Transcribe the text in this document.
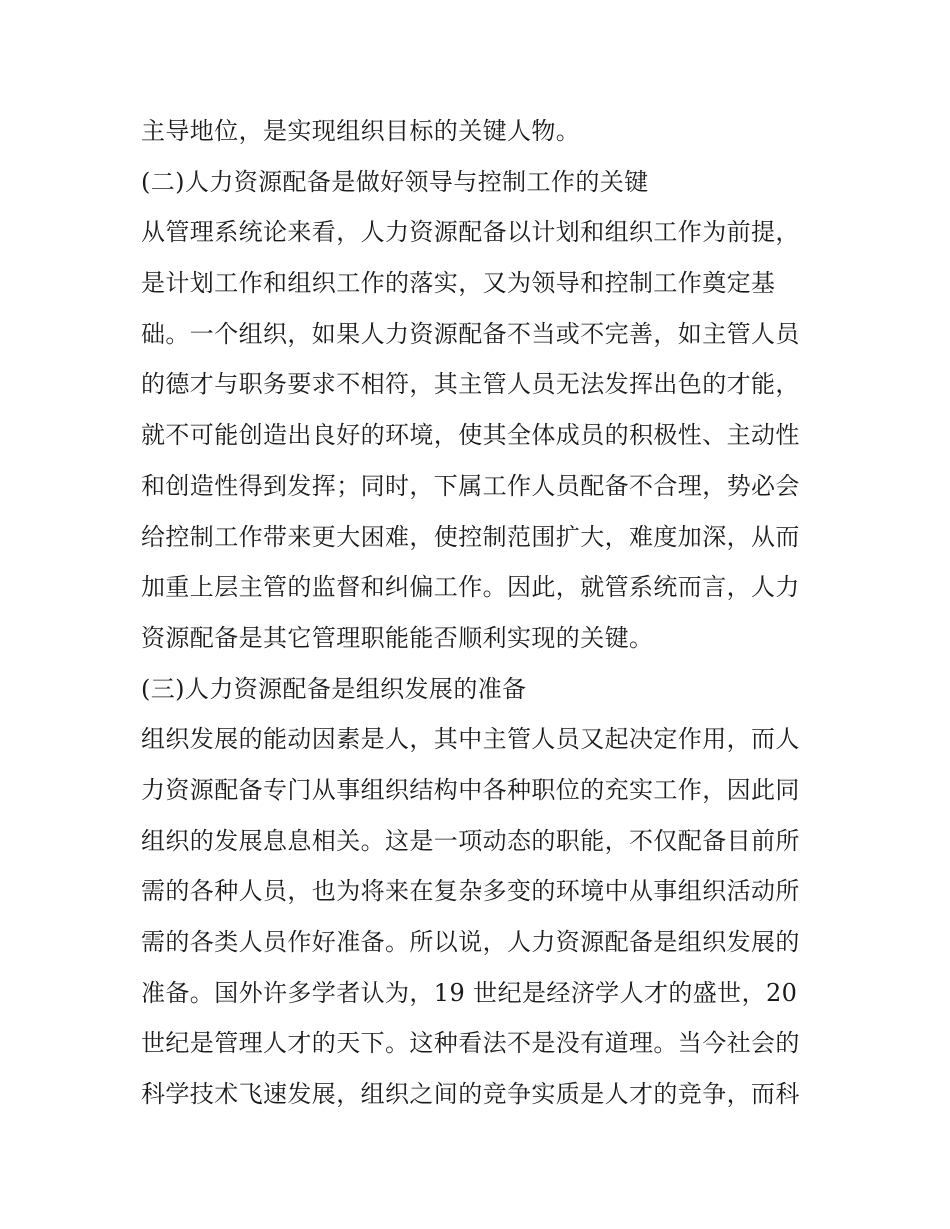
主导地位，是实现组织目标的关键人物。
(二)人力资源配备是做好领导与控制工作的关键
从管理系统论来看，人力资源配备以计划和组织工作为前提，
是计划工作和组织工作的落实，又为领导和控制工作奠定基
础。一个组织，如果人力资源配备不当或不完善，如主管人员
的德才与职务要求不相符，其主管人员无法发挥出色的才能，
就不可能创造出良好的环境，使其全体成员的积极性、主动性
和创造性得到发挥；同时，下属工作人员配备不合理，势必会
给控制工作带来更大困难，使控制范围扩大，难度加深，从而
加重上层主管的监督和纠偏工作。因此，就管系统而言，人力
资源配备是其它管理职能能否顺利实现的关键。
(三)人力资源配备是组织发展的准备
组织发展的能动因素是人，其中主管人员又起决定作用，而人
力资源配备专门从事组织结构中各种职位的充实工作，因此同
组织的发展息息相关。这是一项动态的职能，不仅配备目前所
需的各种人员，也为将来在复杂多变的环境中从事组织活动所
需的各类人员作好准备。所以说，人力资源配备是组织发展的
准备。国外许多学者认为，19 世纪是经济学人才的盛世，20
世纪是管理人才的天下。这种看法不是没有道理。当今社会的
科学技术飞速发展，组织之间的竞争实质是人才的竞争，而科
